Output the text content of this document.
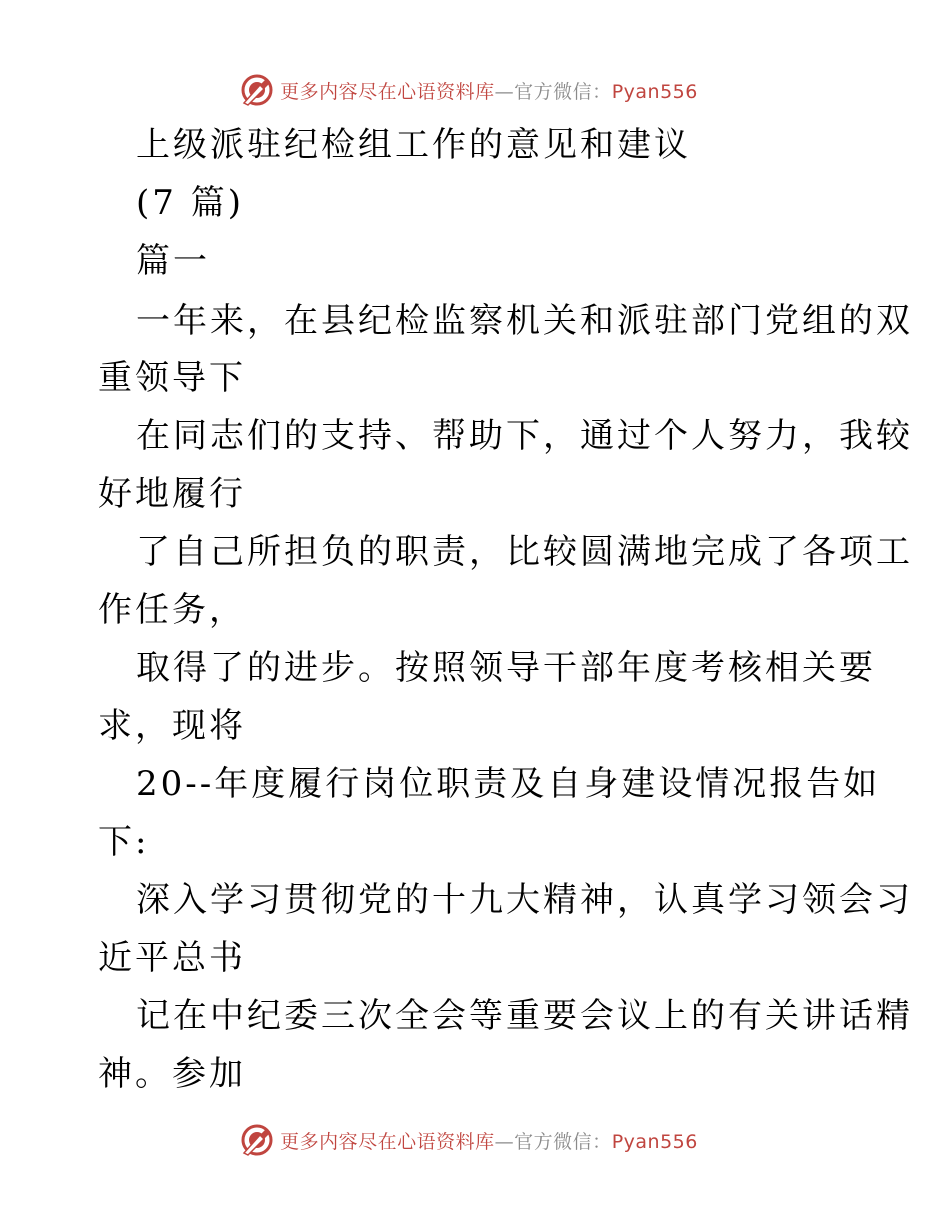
更多内容尽在心语资料库—官方微信：Pyan556
上级派驻纪检组工作的意见和建议
(7 篇)
篇一
一年来，在县纪检监察机关和派驻部门党组的双
重领导下
在同志们的支持、帮助下，通过个人努力，我较
好地履行
了自己所担负的职责，比较圆满地完成了各项工
作任务，
取得了的进步。按照领导干部年度考核相关要
求，现将
20--年度履行岗位职责及自身建设情况报告如
下:
深入学习贯彻党的十九大精神，认真学习领会习
近平总书
记在中纪委三次全会等重要会议上的有关讲话精
神。参加
更多内容尽在心语资料库—官方微信：Pyan556
